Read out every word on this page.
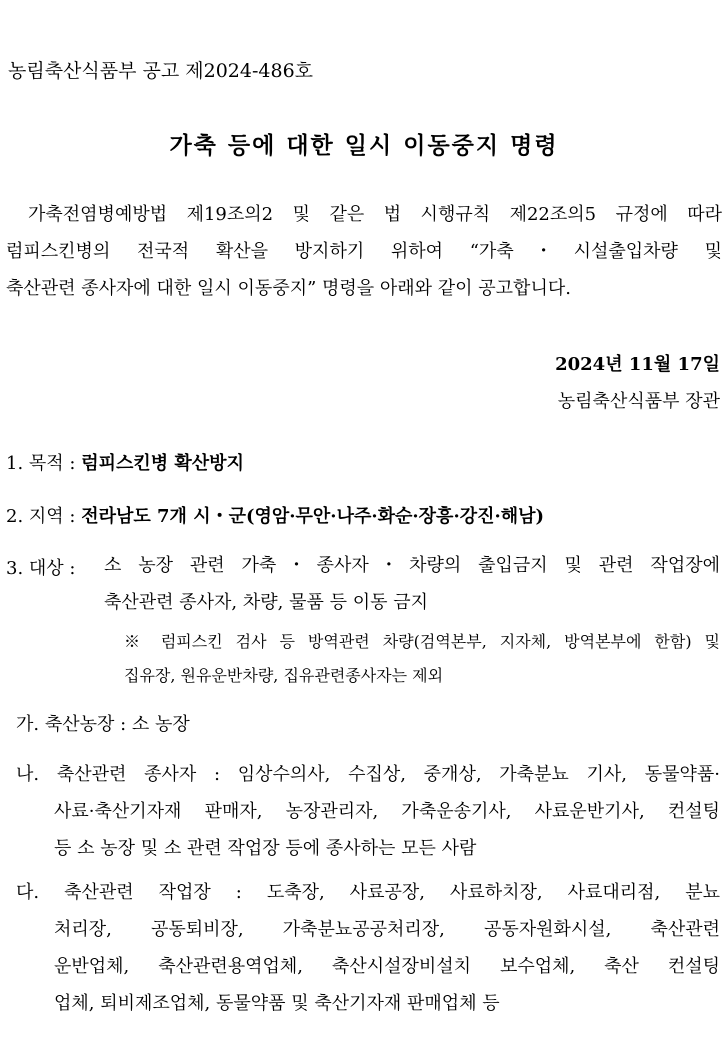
농림축산식품부 공고 제2024-486호
가축 등에 대한 일시 이동중지 명령
가축전염병예방법 제19조의2 및 같은 법 시행규칙 제22조의5 규정에 따라
럼피스킨병의 전국적 확산을 방지하기 위하여 “가축・시설출입차량 및
축산관련 종사자에 대한 일시 이동중지” 명령을 아래와 같이 공고합니다.
2024년 11월 17일
농림축산식품부 장관
1. 목적 : 럼피스킨병 확산방지
2. 지역 : 전라남도 7개 시・군(영암·무안·나주·화순·장흥·강진·해남)
3. 대상 : 소 농장 관련 가축・종사자・차량의 출입금지 및 관련 작업장에
축산관련 종사자, 차량, 물품 등 이동 금지
※ 럼피스킨 검사 등 방역관련 차량(검역본부, 지자체, 방역본부에 한함) 및
집유장, 원유운반차량, 집유관련종사자는 제외
가. 축산농장 : 소 농장
나. 축산관련 종사자 : 임상수의사, 수집상, 중개상, 가축분뇨 기사, 동물약품·
사료·축산기자재 판매자, 농장관리자, 가축운송기사, 사료운반기사, 컨설팅
등 소 농장 및 소 관련 작업장 등에 종사하는 모든 사람
다. 축산관련 작업장 : 도축장, 사료공장, 사료하치장, 사료대리점, 분뇨
처리장, 공동퇴비장, 가축분뇨공공처리장, 공동자원화시설, 축산관련
운반업체, 축산관련용역업체, 축산시설장비설치 보수업체, 축산 컨설팅
업체, 퇴비제조업체, 동물약품 및 축산기자재 판매업체 등
